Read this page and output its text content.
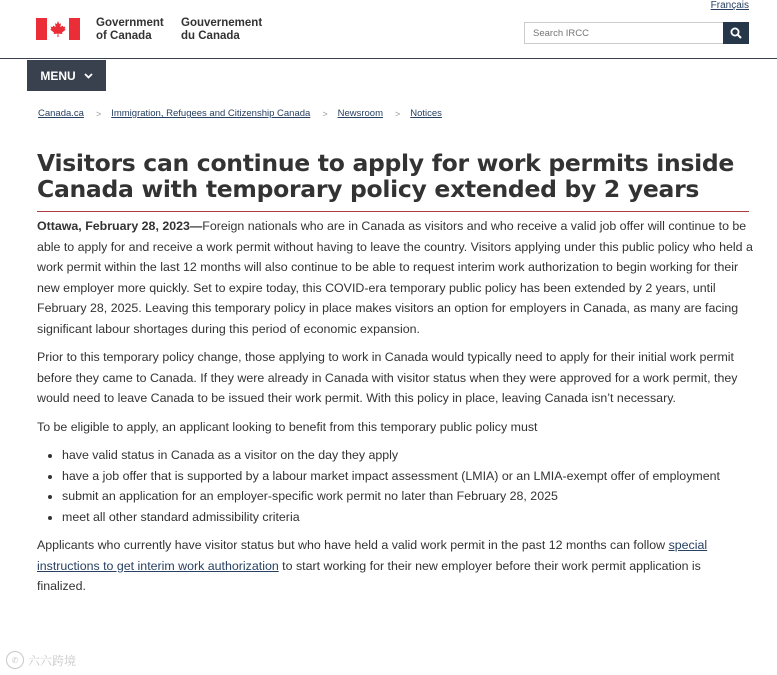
Français
Government
of Canada
Gouvernement
du Canada
Search IRCC
MENU
Canada.ca > Immigration, Refugees and Citizenship Canada > Newsroom > Notices
Visitors can continue to apply for work permits inside Canada with temporary policy extended by 2 years

Ottawa, February 28, 2023—Foreign nationals who are in Canada as visitors and who receive a valid job offer will continue to be able to apply for and receive a work permit without having to leave the country. Visitors applying under this public policy who held a work permit within the last 12 months will also continue to be able to request interim work authorization to begin working for their new employer more quickly. Set to expire today, this COVID-era temporary public policy has been extended by 2 years, until February 28, 2025. Leaving this temporary policy in place makes visitors an option for employers in Canada, as many are facing significant labour shortages during this period of economic expansion.

Prior to this temporary policy change, those applying to work in Canada would typically need to apply for their initial work permit before they came to Canada. If they were already in Canada with visitor status when they were approved for a work permit, they would need to leave Canada to be issued their work permit. With this policy in place, leaving Canada isn’t necessary.

To be eligible to apply, an applicant looking to benefit from this temporary public policy must

• have valid status in Canada as a visitor on the day they apply
• have a job offer that is supported by a labour market impact assessment (LMIA) or an LMIA-exempt offer of employment
• submit an application for an employer-specific work permit no later than February 28, 2025
• meet all other standard admissibility criteria

Applicants who currently have visitor status but who have held a valid work permit in the past 12 months can follow special instructions to get interim work authorization to start working for their new employer before their work permit application is finalized.

✆ 六六跨境
